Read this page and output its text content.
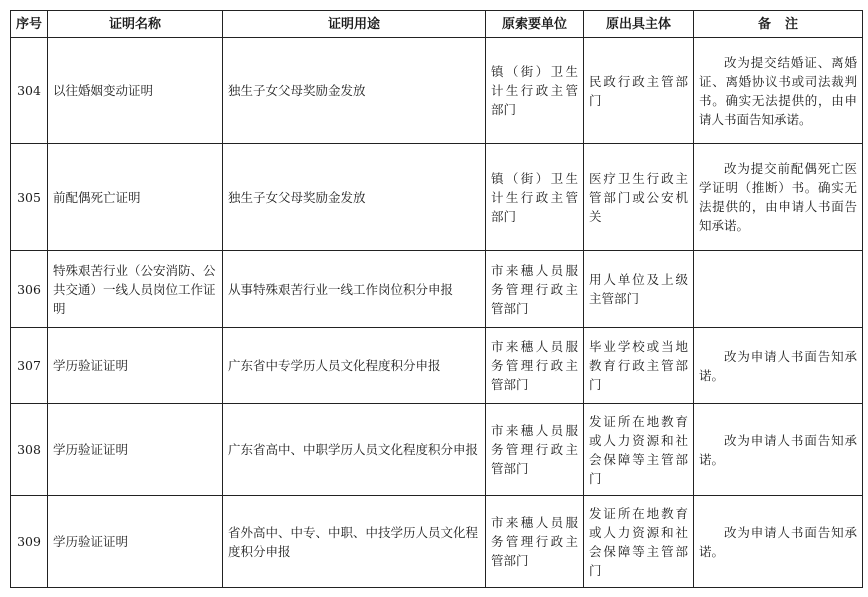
序号	证明名称	证明用途	原索要单位	原出具主体	备注
304	以往婚姻变动证明	独生子女父母奖励金发放	镇（街）卫生计生行政主管部门	民政行政主管部门	改为提交结婚证、离婚证、离婚协议书或司法裁判书。确实无法提供的，由申请人书面告知承诺。
305	前配偶死亡证明	独生子女父母奖励金发放	镇（街）卫生计生行政主管部门	医疗卫生行政主管部门或公安机关	改为提交前配偶死亡医学证明（推断）书。确实无法提供的，由申请人书面告知承诺。
306	特殊艰苦行业（公安消防、公共交通）一线人员岗位工作证明	从事特殊艰苦行业一线工作岗位积分申报	市来穗人员服务管理行政主管部门	用人单位及上级主管部门	
307	学历验证证明	广东省中专学历人员文化程度积分申报	市来穗人员服务管理行政主管部门	毕业学校或当地教育行政主管部门	改为申请人书面告知承诺。
308	学历验证证明	广东省高中、中职学历人员文化程度积分申报	市来穗人员服务管理行政主管部门	发证所在地教育或人力资源和社会保障等主管部门	改为申请人书面告知承诺。
309	学历验证证明	省外高中、中专、中职、中技学历人员文化程度积分申报	市来穗人员服务管理行政主管部门	发证所在地教育或人力资源和社会保障等主管部门	改为申请人书面告知承诺。
